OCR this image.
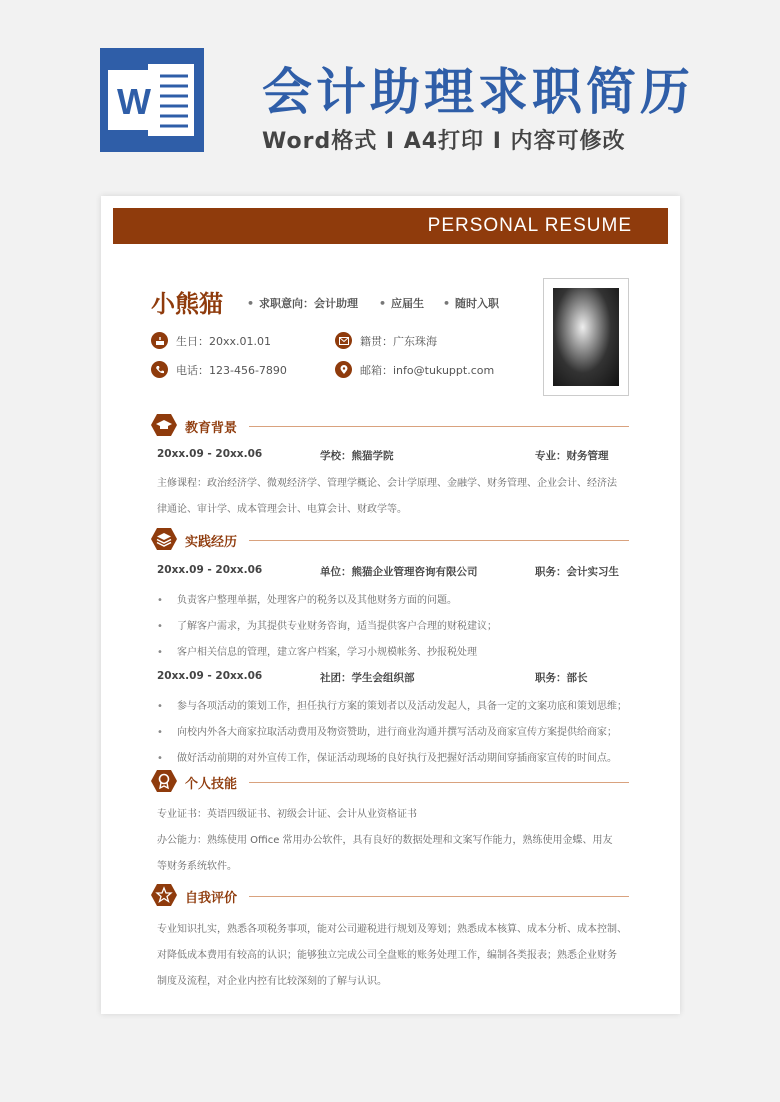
W 会计助理求职简历
Word格式 I A4打印 I 内容可修改
PERSONAL RESUME
小熊猫	• 求职意向：会计助理	• 应届生	• 随时入职
生日：20xx.01.01	籍贯：广东珠海
电话：123-456-7890	邮箱：info@tukuppt.com
教育背景
20xx.09 - 20xx.06	学校：熊猫学院	专业：财务管理
主修课程：政治经济学、微观经济学、管理学概论、会计学原理、金融学、财务管理、企业会计、经济法
律通论、审计学、成本管理会计、电算会计、财政学等。
实践经历
20xx.09 - 20xx.06	单位：熊猫企业管理咨询有限公司	职务：会计实习生
• 负责客户整理单据，处理客户的税务以及其他财务方面的问题。
• 了解客户需求，为其提供专业财务咨询，适当提供客户合理的财税建议；
• 客户相关信息的管理，建立客户档案，学习小规模帐务、抄报税处理
20xx.09 - 20xx.06	社团：学生会组织部	职务：部长
• 参与各项活动的策划工作，担任执行方案的策划者以及活动发起人，具备一定的文案功底和策划思维；
• 向校内外各大商家拉取活动费用及物资赞助，进行商业沟通并撰写活动及商家宣传方案提供给商家；
• 做好活动前期的对外宣传工作，保证活动现场的良好执行及把握好活动期间穿插商家宣传的时间点。
个人技能
专业证书：英语四级证书、初级会计证、会计从业资格证书
办公能力：熟练使用 Office 常用办公软件，具有良好的数据处理和文案写作能力，熟练使用金蝶、用友
等财务系统软件。
自我评价
专业知识扎实，熟悉各项税务事项，能对公司避税进行规划及筹划；熟悉成本核算、成本分析、成本控制、
对降低成本费用有较高的认识；能够独立完成公司全盘账的账务处理工作，编制各类报表；熟悉企业财务
制度及流程，对企业内控有比较深刻的了解与认识。
